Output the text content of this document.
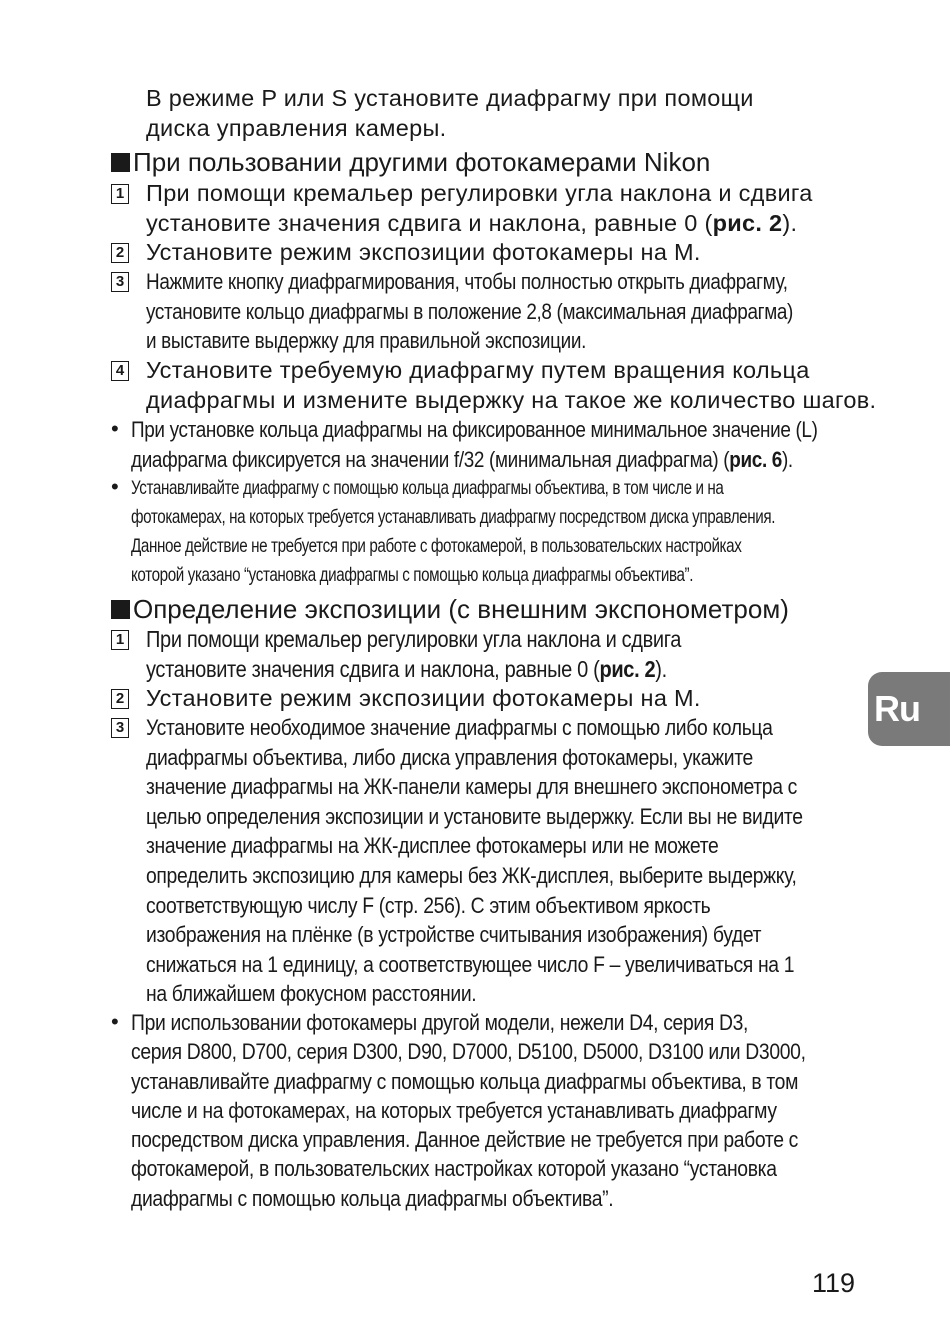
В режиме P или S установите диафрагму при помощи
диска управления камеры.
При пользовании другими фотокамерами Nikon
1 При помощи кремальер регулировки угла наклона и сдвига
установите значения сдвига и наклона, равные 0 (рис. 2).
2 Установите режим экспозиции фотокамеры на M.
3 Нажмите кнопку диафрагмирования, чтобы полностью открыть диафрагму,
установите кольцо диафрагмы в положение 2,8 (максимальная диафрагма)
и выставите выдержку для правильной экспозиции.
4 Установите требуемую диафрагму путем вращения кольца
диафрагмы и измените выдержку на такое же количество шагов.
• При установке кольца диафрагмы на фиксированное минимальное значение (L)
диафрагма фиксируется на значении f/32 (минимальная диафрагма) (рис. 6).
• Устанавливайте диафрагму с помощью кольца диафрагмы объектива, в том числе и на
фотокамерах, на которых требуется устанавливать диафрагму посредством диска управления.
Данное действие не требуется при работе с фотокамерой, в пользовательских настройках
которой указано “установка диафрагмы с помощью кольца диафрагмы объектива”.
Определение экспозиции (с внешним экспонометром)
1 При помощи кремальер регулировки угла наклона и сдвига
установите значения сдвига и наклона, равные 0 (рис. 2).
2 Установите режим экспозиции фотокамеры на M.
3 Установите необходимое значение диафрагмы с помощью либо кольца
диафрагмы объектива, либо диска управления фотокамеры, укажите
значение диафрагмы на ЖК-панели камеры для внешнего экспонометра с
целью определения экспозиции и установите выдержку. Если вы не видите
значение диафрагмы на ЖК-дисплее фотокамеры или не можете
определить экспозицию для камеры без ЖК-дисплея, выберите выдержку,
соответствующую числу F (стр. 256). С этим объективом яркость
изображения на плёнке (в устройстве считывания изображения) будет
снижаться на 1 единицу, а соответствующее число F – увеличиваться на 1
на ближайшем фокусном расстоянии.
• При использовании фотокамеры другой модели, нежели D4, серия D3,
серия D800, D700, серия D300, D90, D7000, D5100, D5000, D3100 или D3000,
устанавливайте диафрагму с помощью кольца диафрагмы объектива, в том
числе и на фотокамерах, на которых требуется устанавливать диафрагму
посредством диска управления. Данное действие не требуется при работе с
фотокамерой, в пользовательских настройках которой указано “установка
диафрагмы с помощью кольца диафрагмы объектива”.
Ru
119
